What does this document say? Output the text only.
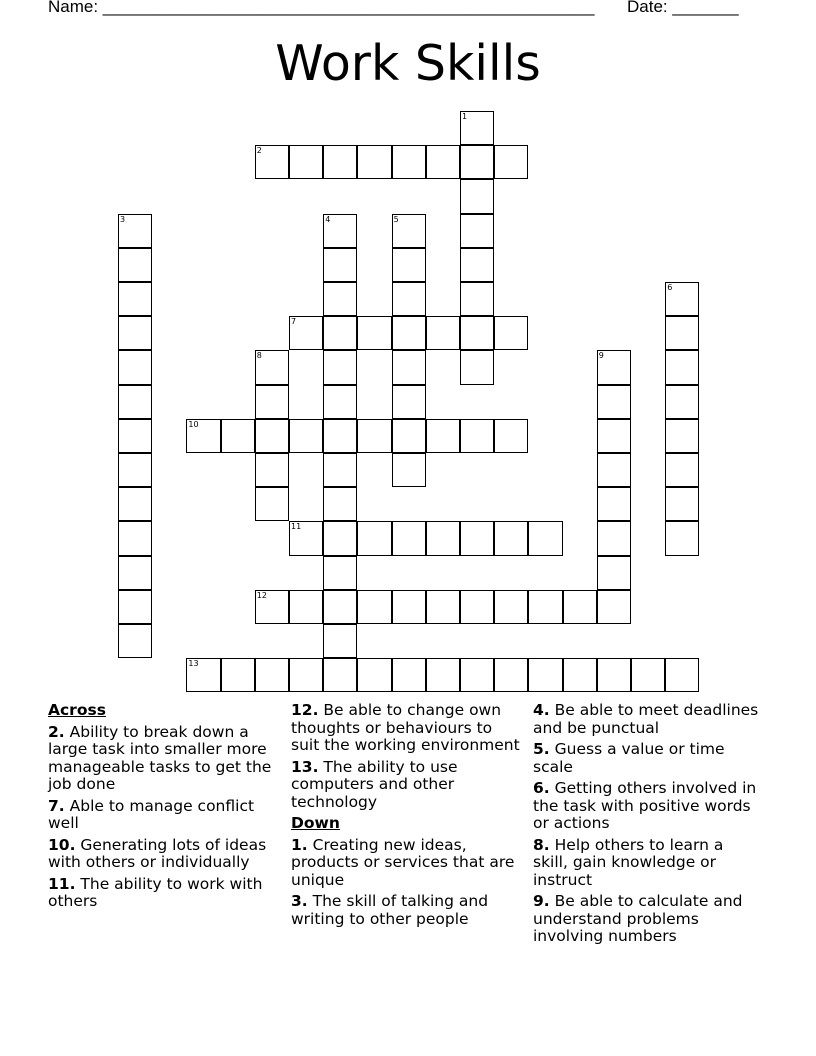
Name: ____________________________________________________ Date: _______
Work Skills
2
7
10
11
12
13
1
3	4	5
6
8	9
Across
2. Ability to break down a large task into smaller more manageable tasks to get the job done
7. Able to manage conflict well
10. Generating lots of ideas with others or individually
11. The ability to work with others
12. Be able to change own thoughts or behaviours to suit the working environment
13. The ability to use computers and other technology
Down
1. Creating new ideas, products or services that are unique
3. The skill of talking and writing to other people
4. Be able to meet deadlines and be punctual
5. Guess a value or time scale
6. Getting others involved in the task with positive words or actions
8. Help others to learn a skill, gain knowledge or instruct
9. Be able to calculate and understand problems involving numbers
